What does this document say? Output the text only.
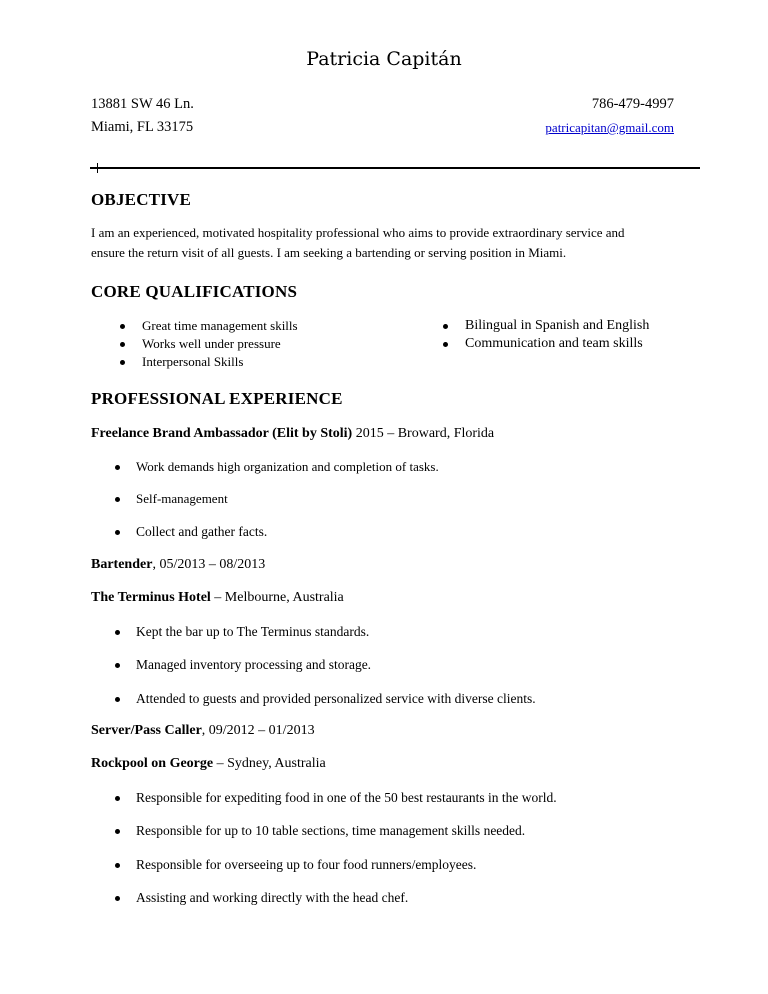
Patricia Capitán
13881 SW 46 Ln.
Miami, FL 33175
786-479-4997
patricapitan@gmail.com
OBJECTIVE
I am an experienced, motivated hospitality professional who aims to provide extraordinary service and
ensure the return visit of all guests. I am seeking a bartending or serving position in Miami.
CORE QUALIFICATIONS
Great time management skills
Works well under pressure
Interpersonal Skills
Bilingual in Spanish and English
Communication and team skills
PROFESSIONAL EXPERIENCE
Freelance Brand Ambassador (Elit by Stoli) 2015 – Broward, Florida
Work demands high organization and completion of tasks.
Self-management
Collect and gather facts.
Bartender, 05/2013 – 08/2013
The Terminus Hotel – Melbourne, Australia
Kept the bar up to The Terminus standards.
Managed inventory processing and storage.
Attended to guests and provided personalized service with diverse clients.
Server/Pass Caller, 09/2012 – 01/2013
Rockpool on George – Sydney, Australia
Responsible for expediting food in one of the 50 best restaurants in the world.
Responsible for up to 10 table sections, time management skills needed.
Responsible for overseeing up to four food runners/employees.
Assisting and working directly with the head chef.
